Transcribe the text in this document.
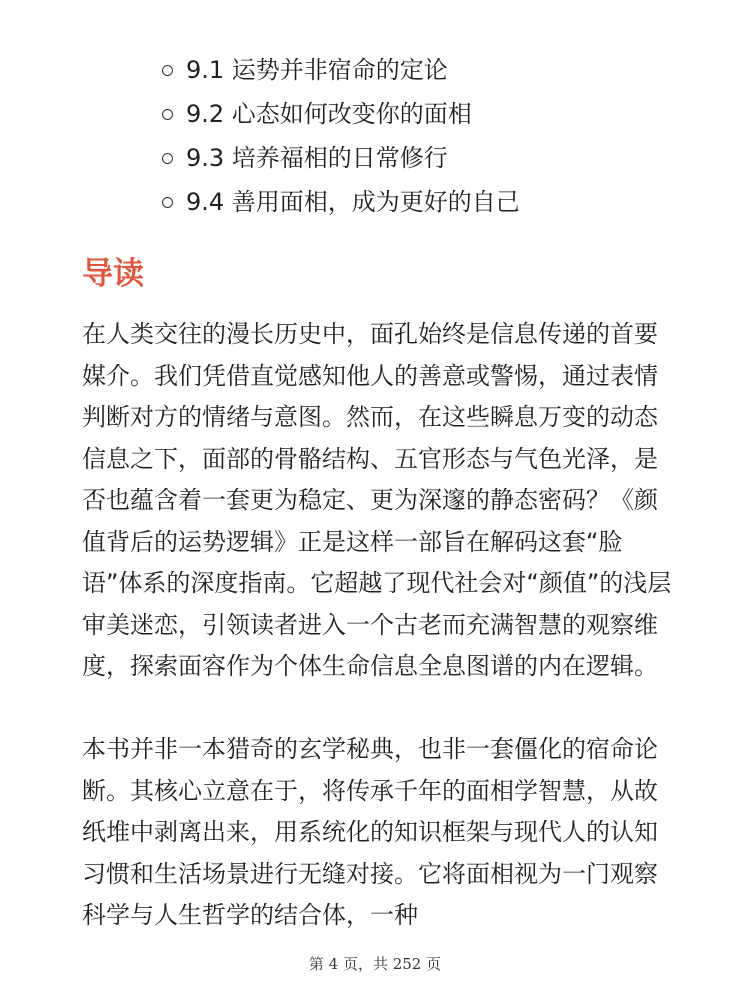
9.1 运势并非宿命的定论
9.2 心态如何改变你的面相
9.3 培养福相的日常修行
9.4 善用面相，成为更好的自己
导读

在人类交往的漫长历史中，面孔始终是信息传递的首要媒介。我们凭借直觉感知他人的善意或警惕，通过表情判断对方的情绪与意图。然而，在这些瞬息万变的动态信息之下，面部的骨骼结构、五官形态与气色光泽，是否也蕴含着一套更为稳定、更为深邃的静态密码？《颜值背后的运势逻辑》正是这样一部旨在解码这套“脸语”体系的深度指南。它超越了现代社会对“颜值”的浅层审美迷恋，引领读者进入一个古老而充满智慧的观察维度，探索面容作为个体生命信息全息图谱的内在逻辑。

本书并非一本猎奇的玄学秘典，也非一套僵化的宿命论断。其核心立意在于，将传承千年的面相学智慧，从故纸堆中剥离出来，用系统化的知识框架与现代人的认知习惯和生活场景进行无缝对接。它将面相视为一门观察科学与人生哲学的结合体，一种

第 4 页，共 252 页
